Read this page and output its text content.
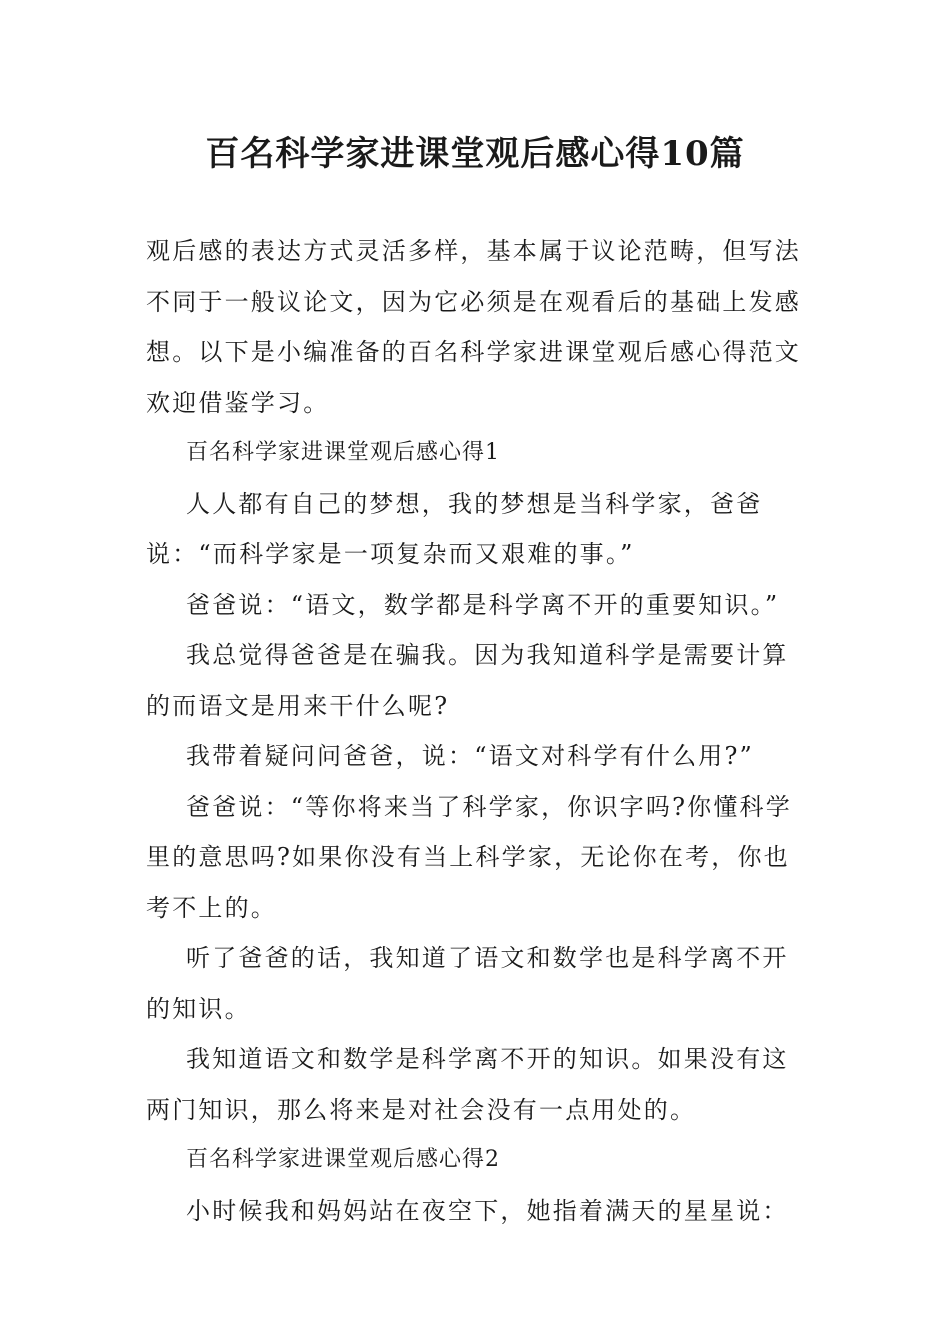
百名科学家进课堂观后感心得10篇

观后感的表达方式灵活多样，基本属于议论范畴，但写法不同于一般议论文，因为它必须是在观看后的基础上发感想。以下是小编准备的百名科学家进课堂观后感心得范文欢迎借鉴学习。

百名科学家进课堂观后感心得1

人人都有自己的梦想，我的梦想是当科学家，爸爸说：“而科学家是一项复杂而又艰难的事。”

爸爸说：“语文，数学都是科学离不开的重要知识。”

我总觉得爸爸是在骗我。因为我知道科学是需要计算的而语文是用来干什么呢?

我带着疑问问爸爸，说：“语文对科学有什么用?”

爸爸说：“等你将来当了科学家，你识字吗?你懂科学里的意思吗?如果你没有当上科学家，无论你在考，你也考不上的。

听了爸爸的话，我知道了语文和数学也是科学离不开的知识。

我知道语文和数学是科学离不开的知识。如果没有这两门知识，那么将来是对社会没有一点用处的。

百名科学家进课堂观后感心得2

小时候我和妈妈站在夜空下，她指着满天的星星说：
